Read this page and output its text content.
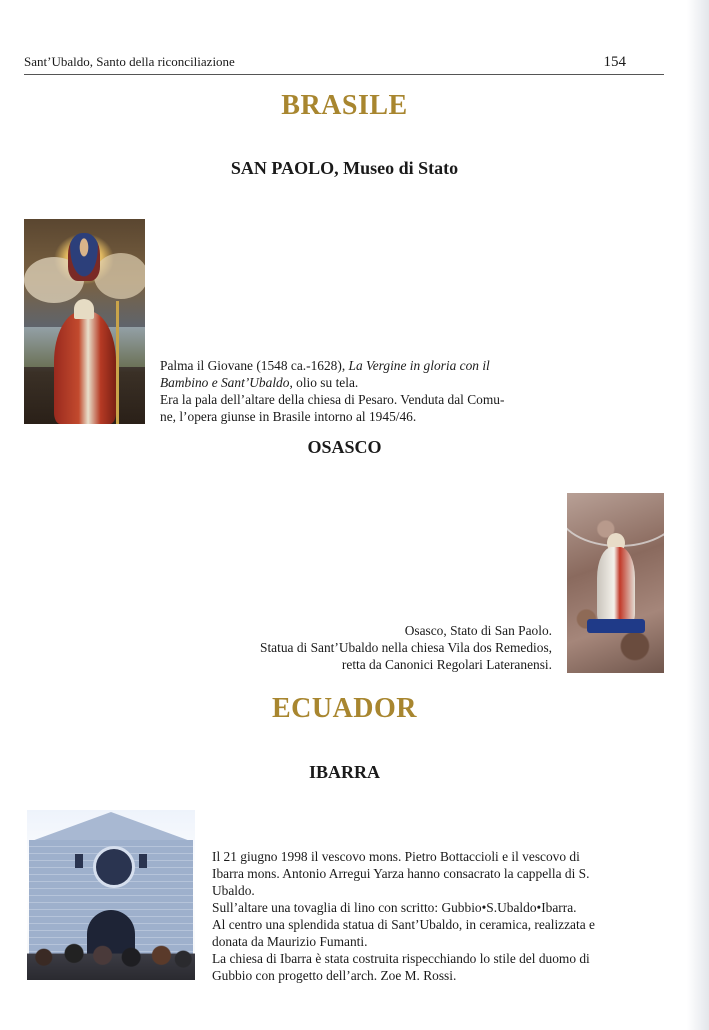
Sant’Ubaldo, Santo della riconciliazione	154
BRASILE
SAN PAOLO, Museo di Stato

Palma il Giovane (1548 ca.-1628), La Vergine in gloria con il

Bambino e Sant’Ubaldo, olio su tela.

Era la pala dell’altare della chiesa di Pesaro. Venduta dal Comu-

ne, l’opera giunse in Brasile intorno al 1945/46.

OSASCO

Osasco, Stato di San Paolo.

Statua di Sant’Ubaldo nella chiesa Vila dos Remedios,

retta da Canonici Regolari Lateranensi.

ECUADOR
IBARRA

Il 21 giugno 1998 il vescovo mons. Pietro Bottaccioli e il vescovo di

Ibarra mons. Antonio Arregui Yarza hanno consacrato la cappella di S.

Ubaldo.

Sull’altare una tovaglia di lino con scritto: Gubbio•S.Ubaldo•Ibarra.

Al centro una splendida statua di Sant’Ubaldo, in ceramica, realizzata e

donata da Maurizio Fumanti.

La chiesa di Ibarra è stata costruita rispecchiando lo stile del duomo di

Gubbio con progetto dell’arch. Zoe M. Rossi.
